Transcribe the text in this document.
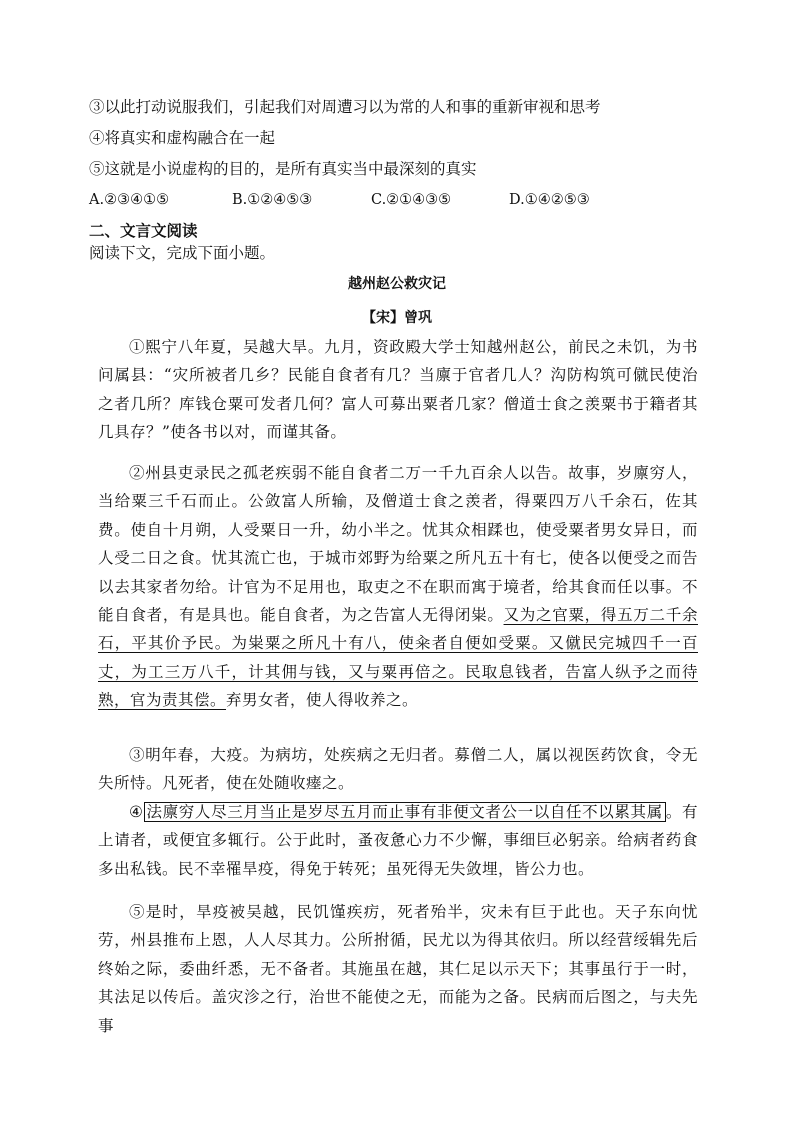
③以此打动说服我们，引起我们对周遭习以为常的人和事的重新审视和思考
④将真实和虚构融合在一起
⑤这就是小说虚构的目的，是所有真实当中最深刻的真实
A.②③④①⑤	B.①②④⑤③	C.②①④③⑤	D.①④②⑤③
二、文言文阅读
阅读下文，完成下面小题。
越州赵公救灾记
【宋】曾巩
①熙宁八年夏，吴越大旱。九月，资政殿大学士知越州赵公，前民之未饥，为书问属县：“灾所被者几乡？民能自食者有几？当廪于官者几人？沟防构筑可僦民使治之者几所？库钱仓粟可发者几何？富人可募出粟者几家？僧道士食之羡粟书于籍者其几具存？”使各书以对，而谨其备。
②州县吏录民之孤老疾弱不能自食者二万一千九百余人以告。故事，岁廪穷人，当给粟三千石而止。公敛富人所输，及僧道士食之羡者，得粟四万八千余石，佐其费。使自十月朔，人受粟日一升，幼小半之。忧其众相蹂也，使受粟者男女异日，而人受二日之食。忧其流亡也，于城市郊野为给粟之所凡五十有七，使各以便受之而告以去其家者勿给。计官为不足用也，取吏之不在职而寓于境者，给其食而任以事。不能自食者，有是具也。能自食者，为之告富人无得闭粜。又为之官粟，得五万二千余石，平其价予民。为粜粟之所凡十有八，使籴者自便如受粟。又僦民完城四千一百丈，为工三万八千，计其佣与钱，又与粟再倍之。民取息钱者，告富人纵予之而待熟，官为责其偿。弃男女者，使人得收养之。
③明年春，大疫。为病坊，处疾病之无归者。募僧二人，属以视医药饮食，令无失所恃。凡死者，使在处随收瘗之。
④ 法廪穷人尽三月当止是岁尽五月而止事有非便文者公一以自任不以累其属 。有上请者，或便宜多辄行。公于此时，蚤夜惫心力不少懈，事细巨必躬亲。给病者药食多出私钱。民不幸罹旱疫，得免于转死；虽死得无失敛埋，皆公力也。
⑤是时，旱疫被吴越，民饥馑疾疠，死者殆半，灾未有巨于此也。天子东向忧劳，州县推布上恩，人人尽其力。公所拊循，民尤以为得其依归。所以经营绥辑先后终始之际，委曲纤悉，无不备者。其施虽在越，其仁足以示天下；其事虽行于一时，其法足以传后。盖灾沴之行，治世不能使之无，而能为之备。民病而后图之，与夫先事
